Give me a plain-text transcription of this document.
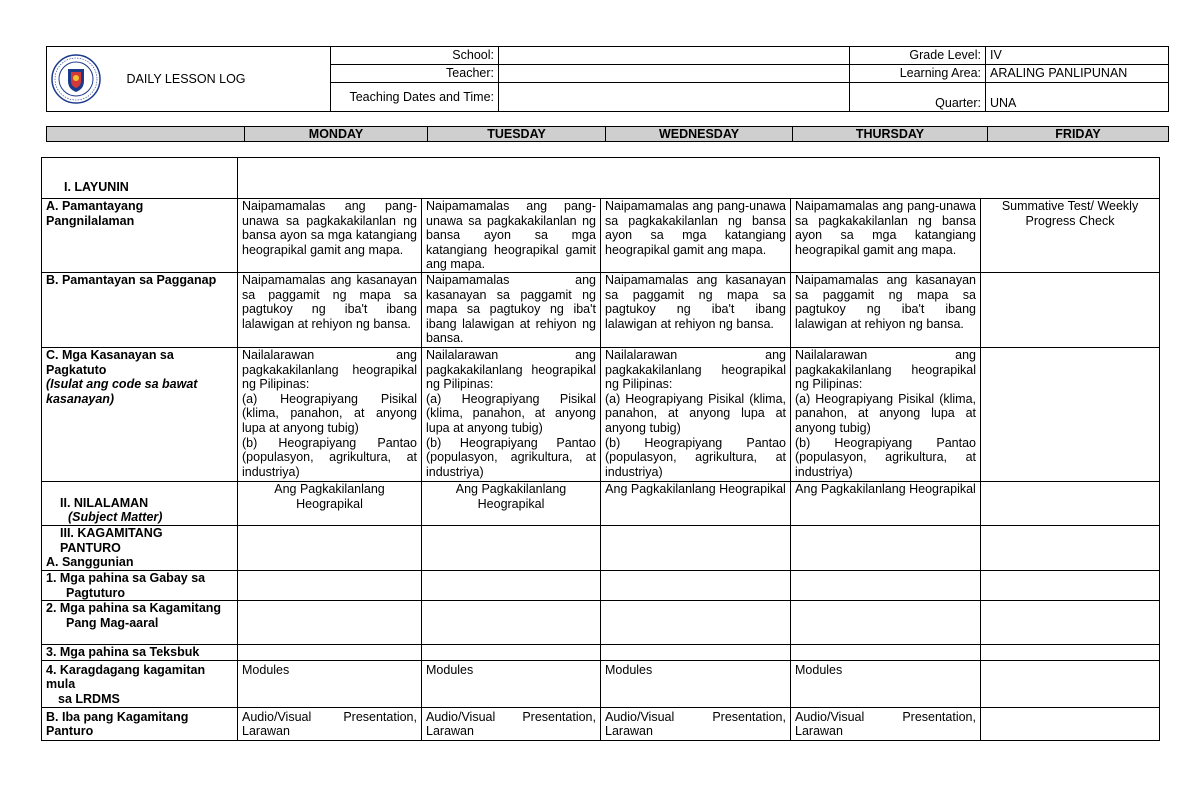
DAILY LESSON LOG	School:		Grade Level:	IV
	Teacher:		Learning Area:	ARALING PANLIPUNAN
	Teaching Dates and Time:		Quarter:	UNA
	MONDAY	TUESDAY	WEDNESDAY	THURSDAY	FRIDAY
I. LAYUNIN					
A. Pamantayang Pangnilalaman	Naipamamalas ang pang-unawa sa pagkakakilanlan ng bansa ayon sa mga katangiang heograpikal gamit ang mapa.	Naipamamalas ang pang-unawa sa pagkakakilanlan ng bansa ayon sa mga katangiang heograpikal gamit ang mapa.	Naipamamalas ang pang-unawa sa pagkakakilanlan ng bansa ayon sa mga katangiang heograpikal gamit ang mapa.	Naipamamalas ang pang-unawa sa pagkakakilanlan ng bansa ayon sa mga katangiang heograpikal gamit ang mapa.	Summative Test/ Weekly Progress Check
B. Pamantayan sa Pagganap	Naipamamalas ang kasanayan sa paggamit ng mapa sa pagtukoy ng iba't ibang lalawigan at rehiyon ng bansa.	Naipamamalas ang kasanayan sa paggamit ng mapa sa pagtukoy ng iba't ibang lalawigan at rehiyon ng bansa.	Naipamamalas ang kasanayan sa paggamit ng mapa sa pagtukoy ng iba't ibang lalawigan at rehiyon ng bansa.	Naipamamalas ang kasanayan sa paggamit ng mapa sa pagtukoy ng iba't ibang lalawigan at rehiyon ng bansa.	

C. Mga Kasanayan sa Pagkatuto
(Isulat ang code sa bawat kasanayan)	Nailalarawan ang pagkakakilanlang heograpikal ng Pilipinas:
(a) Heograpiyang Pisikal (klima, panahon, at anyong lupa at anyong tubig)
(b) Heograpiyang Pantao (populasyon, agrikultura, at industriya)	Nailalarawan ang pagkakakilanlang heograpikal ng Pilipinas:
(a) Heograpiyang Pisikal (klima, panahon, at anyong lupa at anyong tubig)
(b) Heograpiyang Pantao (populasyon, agrikultura, at industriya)	Nailalarawan ang pagkakakilanlang heograpikal ng Pilipinas:
(a) Heograpiyang Pisikal (klima, panahon, at anyong lupa at anyong tubig)
(b) Heograpiyang Pantao (populasyon, agrikultura, at industriya)	Nailalarawan ang pagkakakilanlang heograpikal ng Pilipinas:
(a) Heograpiyang Pisikal (klima, panahon, at anyong lupa at anyong tubig)
(b) Heograpiyang Pantao (populasyon, agrikultura, at industriya)	

II. NILALAMAN
(Subject Matter)	Ang Pagkakilanlang Heograpikal	Ang Pagkakilanlang Heograpikal	Ang Pagkakilanlang Heograpikal	Ang Pagkakilanlang Heograpikal	

III. KAGAMITANG PANTURO
A. Sanggunian					

1. Mga pahina sa Gabay sa
Pagtuturo					

2. Mga pahina sa Kagamitang
Pang Mag-aaral					

3. Mga pahina sa Teksbuk					

4. Karagdagang kagamitan mula
sa LRDMS	Modules	Modules	Modules	Modules	
B. Iba pang Kagamitang Panturo	Audio/Visual Presentation, Larawan	Audio/Visual Presentation, Larawan	Audio/Visual Presentation, Larawan	Audio/Visual Presentation, Larawan	
